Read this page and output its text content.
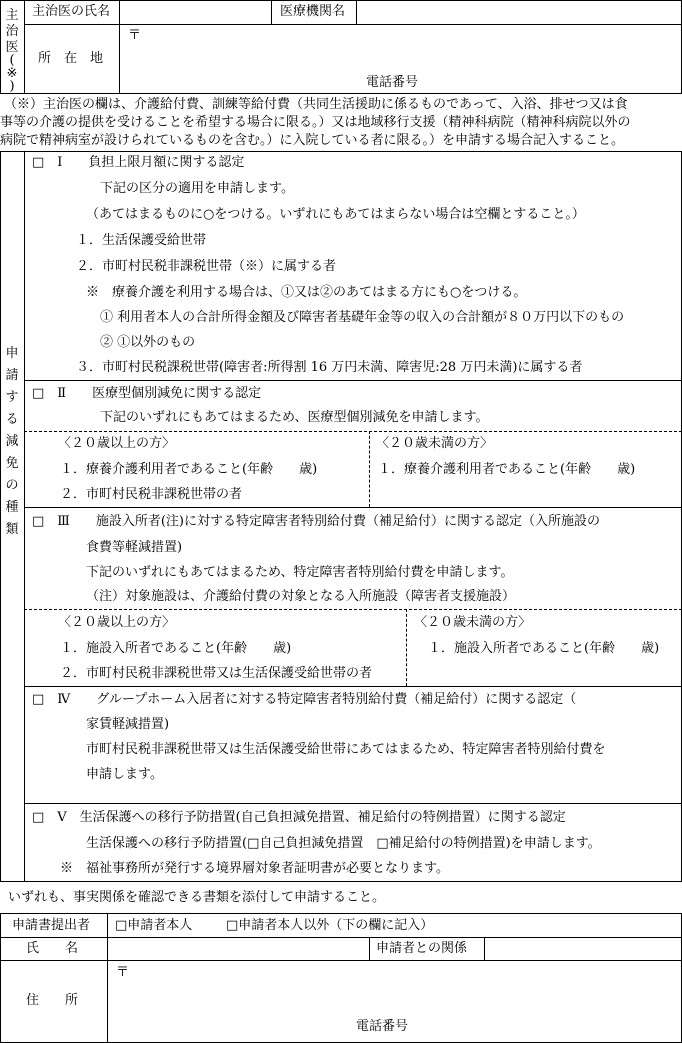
主
治
医
(
※
)
主治医の氏名	医療機関名
所　在　地
〒
電話番号
（※）主治医の欄は、介護給付費、訓練等給付費（共同生活援助に係るものであって、入浴、排せつ又は食
事等の介護の提供を受けることを希望する場合に限る。）又は地域移行支援（精神科病院（精神科病院以外の
病院で精神病室が設けられているものを含む。）に入院している者に限る。）を申請する場合記入すること。
申
請
す
る
減
免
の
種
類
□　Ⅰ　　負担上限月額に関する認定
下記の区分の適用を申請します。
（あてはまるものに○をつける。いずれにもあてはまらない場合は空欄とすること。）
１．生活保護受給世帯
２．市町村民税非課税世帯（※）に属する者
※　療養介護を利用する場合は、①又は②のあてはまる方にも○をつける。
① 利用者本人の合計所得金額及び障害者基礎年金等の収入の合計額が８０万円以下のもの
② ①以外のもの
３．市町村民税課税世帯(障害者:所得割 16 万円未満、障害児:28 万円未満)に属する者
□　Ⅱ　　医療型個別減免に関する認定
下記のいずれにもあてはまるため、医療型個別減免を申請します。
〈２０歳以上の方〉
１．療養介護利用者であること(年齢　　歳)
２．市町村民税非課税世帯の者
〈２０歳未満の方〉
１．療養介護利用者であること(年齢　　歳)
□　Ⅲ　　施設入所者(注)に対する特定障害者特別給付費（補足給付）に関する認定（入所施設の
食費等軽減措置)
下記のいずれにもあてはまるため、特定障害者特別給付費を申請します。
（注）対象施設は、介護給付費の対象となる入所施設（障害者支援施設）
〈２０歳以上の方〉
１．施設入所者であること(年齢　　歳)
２．市町村民税非課税世帯又は生活保護受給世帯の者
〈２０歳未満の方〉
１．施設入所者であること(年齢　　歳)
□　Ⅳ　　グループホーム入居者に対する特定障害者特別給付費（補足給付）に関する認定（
家賃軽減措置)
市町村民税非課税世帯又は生活保護受給世帯にあてはまるため、特定障害者特別給付費を
申請します。
□　Ⅴ　生活保護への移行予防措置(自己負担減免措置、補足給付の特例措置）に関する認定
生活保護への移行予防措置(□自己負担減免措置　□補足給付の特例措置)を申請します。
※　福祉事務所が発行する境界層対象者証明書が必要となります。
いずれも、事実関係を確認できる書類を添付して申請すること。
申請書提出者 □申請者本人	□申請者本人以外（下の欄に記入）
氏　　名	申請者との関係
住　　所
〒
電話番号
